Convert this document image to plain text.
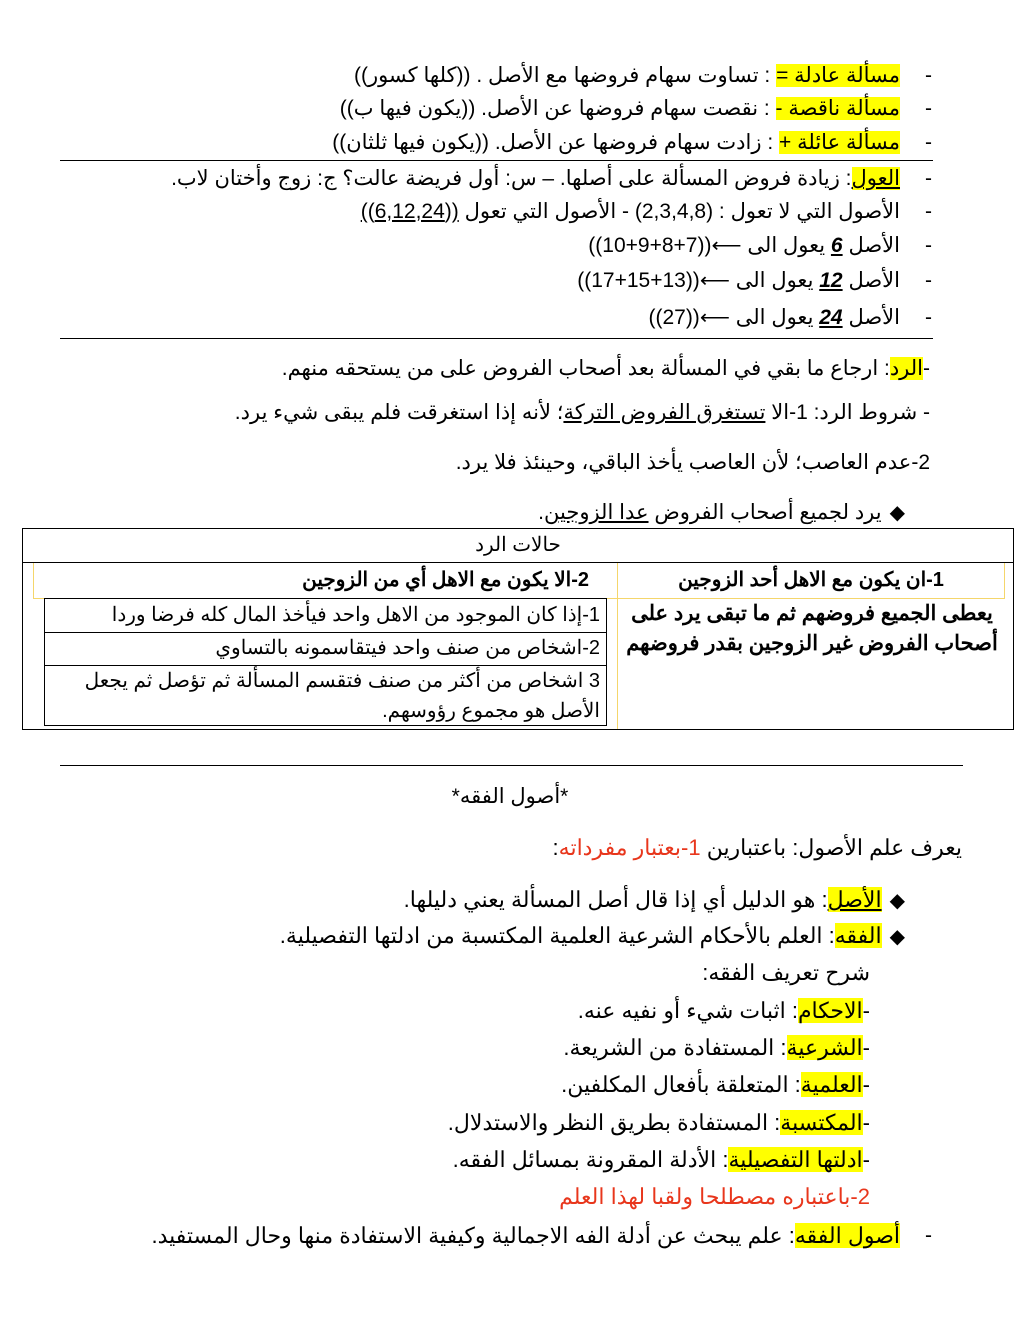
-
مسألة عادلة = : تساوت سهام فروضها مع الأصل . ((كلها كسور))
-
مسألة ناقصة - : نقصت سهام فروضها عن الأصل. ((يكون فيها ب))
-
مسألة عائلة + : زادت سهام فروضها عن الأصل. ((يكون فيها ثلثان))
-
العول: زيادة فروض المسألة على أصلها. – س: أول فريضة عالت؟ ج: زوج وأختان لاب.
-
الأصول التي لا تعول : (2,3,4,8) - الأصول التي تعول ((6,12,24))
-
الأصل 6 يعول الى ⟵((7+8+9+10))
-
الأصل 12 يعول الى ⟵((13+15+17))
-
الأصل 24 يعول الى ⟵((27))
-الرد: ارجاع ما بقي في المسألة بعد أصحاب الفروض على من يستحقه منهم.
- شروط الرد: 1-الا تستغرق الفروض التركة؛ لأنه إذا استغرقت فلم يبقى شيء يرد.
2-عدم العاصب؛ لأن العاصب يأخذ الباقي، وحينئذ فلا يرد.
◆يرد لجميع أصحاب الفروض عدا الزوجين.
حالات الرد
1-ان يكون مع الاهل أحد الزوجين
2-الا يكون مع الاهل أي من الزوجين
يعطى الجميع فروضهم ثم ما تبقى يرد على أصحاب الفروض غير الزوجين بقدر فروضهم
1-إذا كان الموجود من الاهل واحد فيأخذ المال كله فرضا وردا
2-اشخاص من صنف واحد فيتقاسمونه بالتساوي
3 اشخاص من أكثر من صنف فتقسم المسألة ثم تؤصل ثم يجعل الأصل هو مجموع رؤوسهم.
*أصول الفقه*
يعرف علم الأصول: باعتبارين 1-بعتبار مفرداته:
◆الأصل: هو الدليل أي إذا قال أصل المسألة يعني دليلها.
◆الفقه: العلم بالأحكام الشرعية العلمية المكتسبة من ادلتها التفصيلية.
شرح تعريف الفقه:
-الاحكام: اثبات شيء أو نفيه عنه.
-الشرعية: المستفادة من الشريعة.
-العلمية: المتعلقة بأفعال المكلفين.
-المكتسبة: المستفادة بطريق النظر والاستدلال.
-ادلتها التفصيلية: الأدلة المقرونة بمسائل الفقه.
2-باعتباره مصطلحا ولقبا لهذا العلم
-
أصول الفقه: علم يبحث عن أدلة الفه الاجمالية وكيفية الاستفادة منها وحال المستفيد.
